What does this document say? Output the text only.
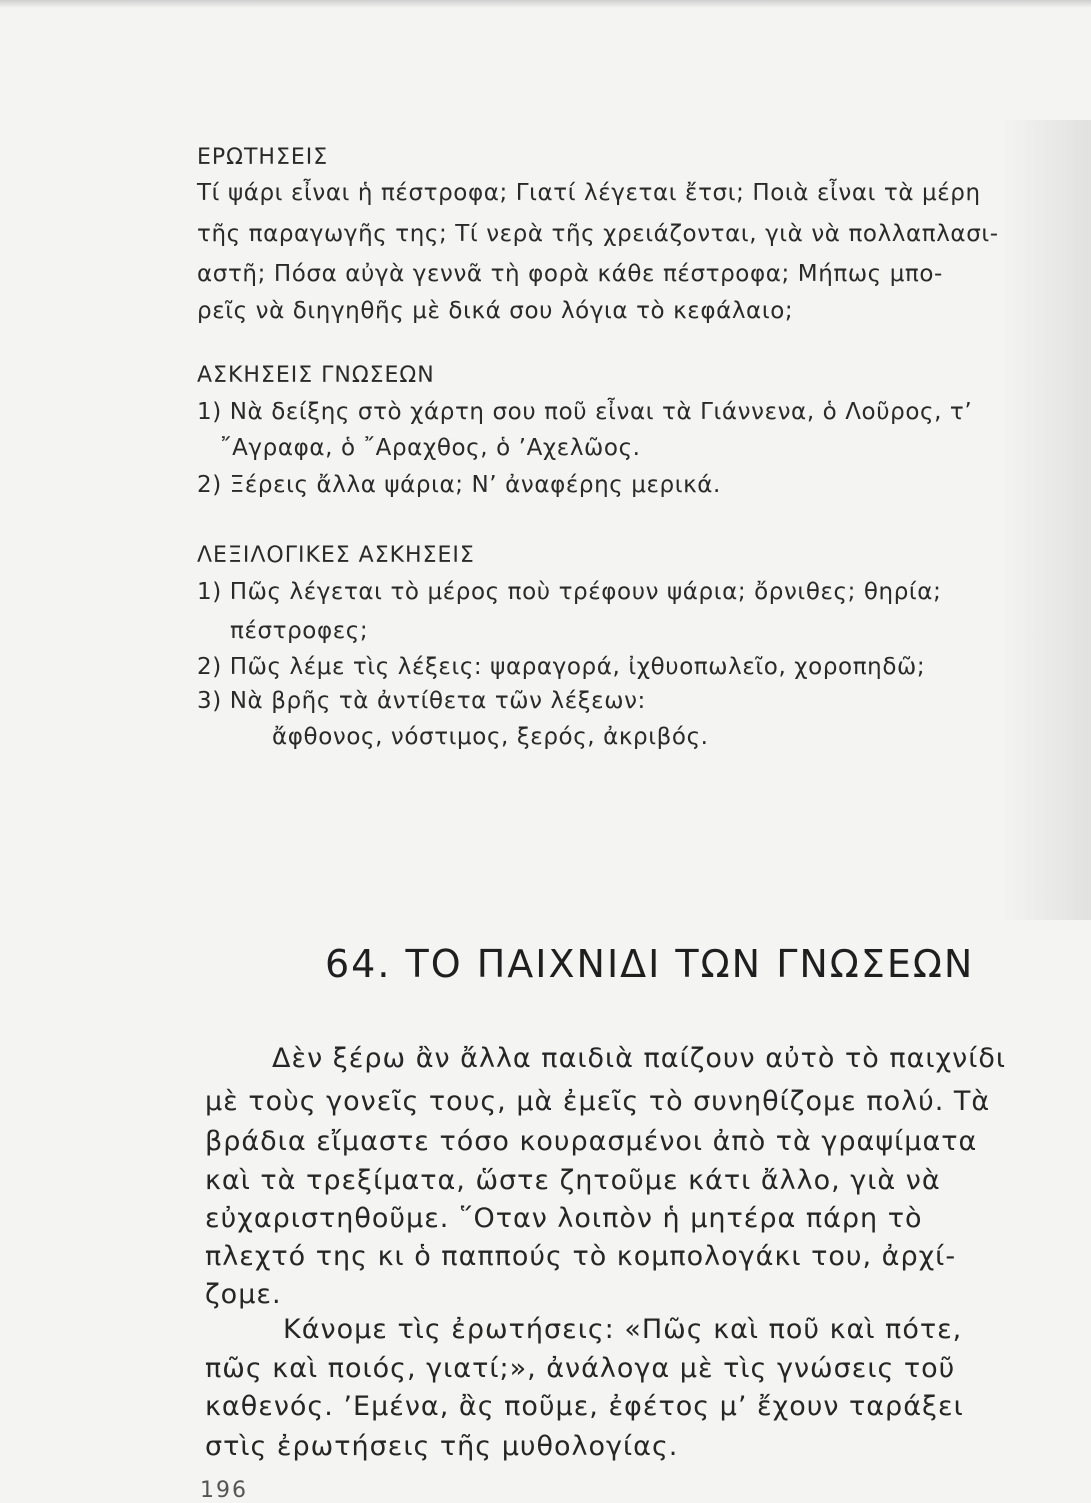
ΕΡΩΤΗΣΕΙΣ
Τί ψάρι εἶναι ἡ πέστροφα; Γιατί λέγεται ἔτσι; Ποιὰ εἶναι τὰ μέρη
τῆς παραγωγῆς της; Τί νερὰ τῆς χρειάζονται, γιὰ νὰ πολλαπλασι-
αστῆ; Πόσα αὐγὰ γεννᾶ τὴ φορὰ κάθε πέστροφα; Μήπως μπο-
ρεῖς νὰ διηγηθῆς μὲ δικά σου λόγια τὸ κεφάλαιο;
ΑΣΚΗΣΕΙΣ ΓΝΩΣΕΩΝ
1) Νὰ δείξης στὸ χάρτη σου ποῦ εἶναι τὰ Γιάννενα, ὁ Λοῦρος, τ’
῎Αγραφα, ὁ ῎Αραχθος, ὁ ’Αχελῶος.
2) Ξέρεις ἄλλα ψάρια; Ν’ ἀναφέρης μερικά.
ΛΕΞΙΛΟΓΙΚΕΣ ΑΣΚΗΣΕΙΣ
1) Πῶς λέγεται τὸ μέρος ποὺ τρέφουν ψάρια; ὄρνιθες; θηρία;
πέστροφες;
2) Πῶς λέμε τὶς λέξεις: ψαραγορά, ἰχθυοπωλεῖο, χοροπηδῶ;
3) Νὰ βρῆς τὰ ἀντίθετα τῶν λέξεων:
ἄφθονος, νόστιμος, ξερός, ἀκριβός.
64. ΤΟ ΠΑΙΧΝΙΔΙ ΤΩΝ ΓΝΩΣΕΩΝ
Δὲν ξέρω ἂν ἄλλα παιδιὰ παίζουν αὐτὸ τὸ παιχνίδι
μὲ τοὺς γονεῖς τους, μὰ ἐμεῖς τὸ συνηθίζομε πολύ. Τὰ
βράδια εἴμαστε τόσο κουρασμένοι ἀπὸ τὰ γραψίματα
καὶ τὰ τρεξίματα, ὥστε ζητοῦμε κάτι ἄλλο, γιὰ νὰ
εὐχαριστηθοῦμε. ῞Οταν λοιπὸν ἡ μητέρα πάρη τὸ
πλεχτό της κι ὁ παππούς τὸ κομπολογάκι του, ἀρχί-
ζομε.
Κάνομε τὶς ἐρωτήσεις: «Πῶς καὶ ποῦ καὶ πότε,
πῶς καὶ ποιός, γιατί;», ἀνάλογα μὲ τὶς γνώσεις τοῦ
καθενός. ’Εμένα, ἂς ποῦμε, ἐφέτος μ’ ἔχουν ταράξει
στὶς ἐρωτήσεις τῆς μυθολογίας.
196
